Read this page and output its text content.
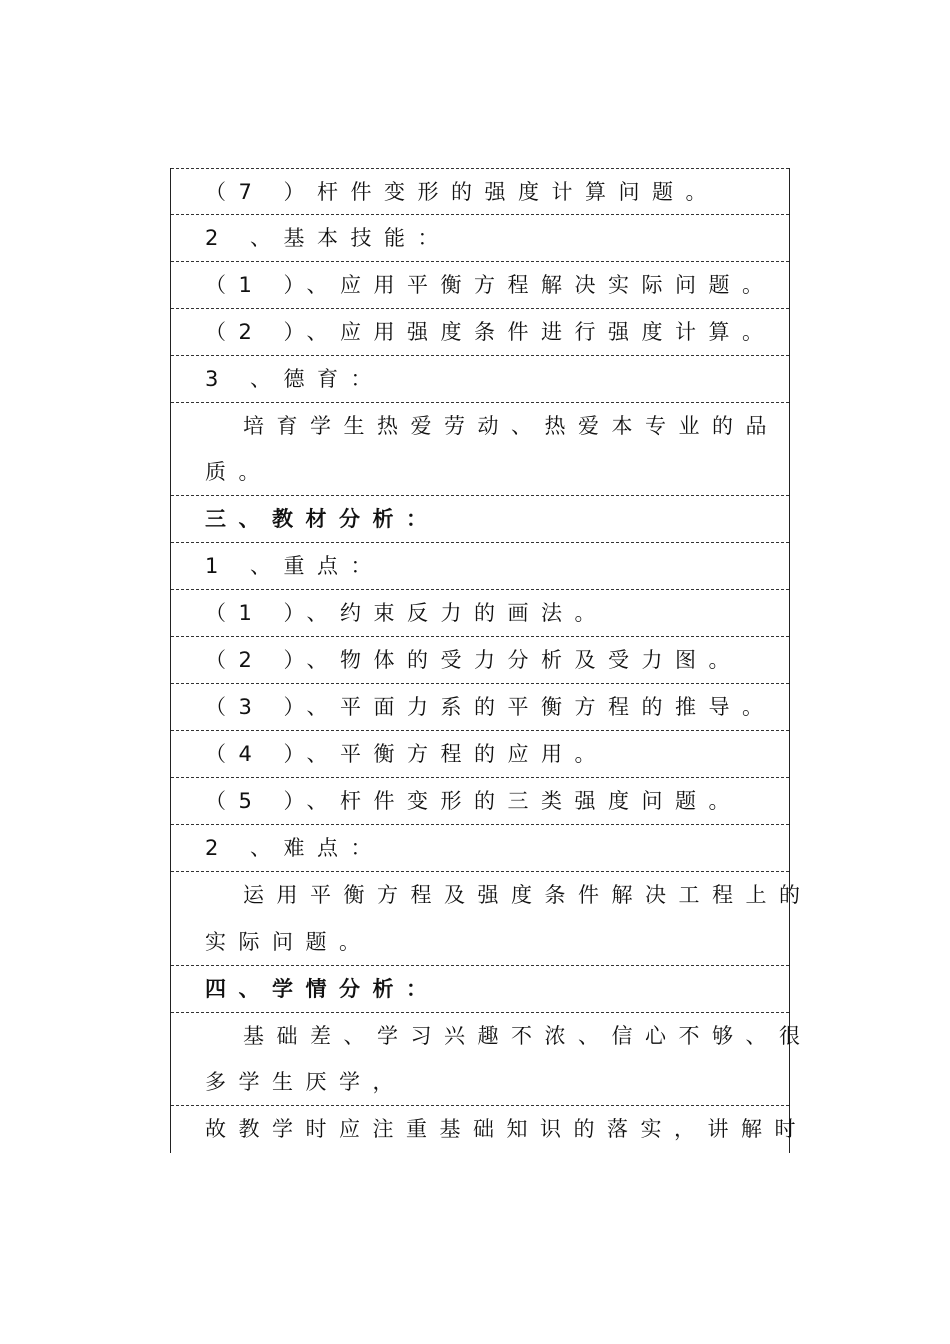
（7 ）杆件变形的强度计算问题。
2 、基本技能：
（1 ）、应用平衡方程解决实际问题。
（2 ）、应用强度条件进行强度计算。
3 、德育：
培育学生热爱劳动、热爱本专业的品
质。
三、教材分析：
1 、重点：
（1 ）、约束反力的画法。
（2 ）、物体的受力分析及受力图。
（3 ）、平面力系的平衡方程的推导。
（4 ）、平衡方程的应用。
（5 ）、杆件变形的三类强度问题。
2 、难点：
运用平衡方程及强度条件解决工程上的
实际问题。
四、学情分析：
基础差、学习兴趣不浓、信心不够、很
多学生厌学，
故教学时应注重基础知识的落实，讲解时
